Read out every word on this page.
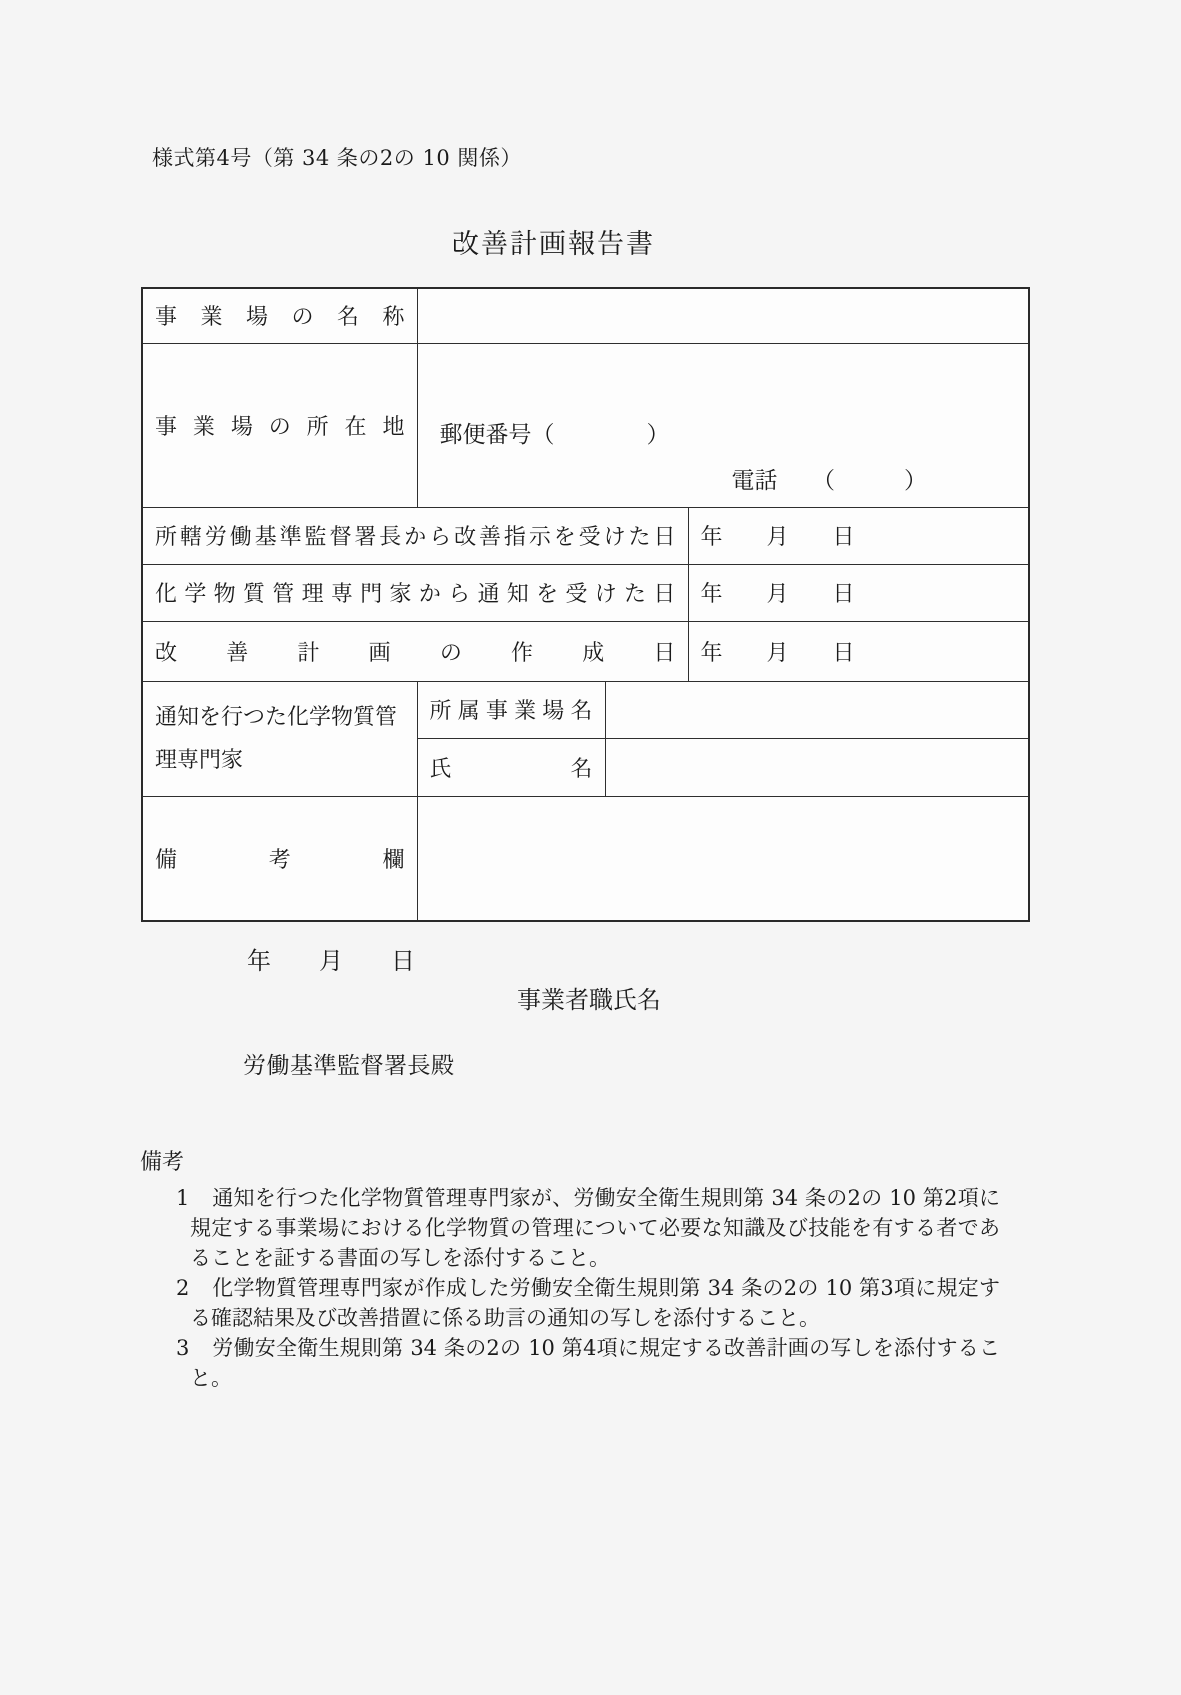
様式第4号（第 34 条の2の 10 関係）
改善計画報告書
事 業 場 の 名 称

事 業 場 の 所 在 地	郵便番号（　　　　）
電話　　（　　　）

所 轄 労 働 基 準 監 督 署 長 か ら 改 善 指 示 を 受 け た 日	年　　月　　日

化 学 物 質 管 理 専 門 家 か ら 通 知 を 受 け た 日	年　　月　　日

改 善 計 画 の 作 成 日	年　　月　　日
通知を行つた化学物質管理専門家	
所 属 事 業 場 名

	氏 名		

備 考 欄			

年　　月　　日
事業者職氏名
労働基準監督署長殿
備考
1 通知を行つた化学物質管理専門家が、労働安全衛生規則第 34 条の2の 10 第2項に規定する事業場における化学物質の管理について必要な知識及び技能を有する者であることを証する書面の写しを添付すること。
2 化学物質管理専門家が作成した労働安全衛生規則第 34 条の2の 10 第3項に規定する確認結果及び改善措置に係る助言の通知の写しを添付すること。
3 労働安全衛生規則第 34 条の2の 10 第4項に規定する改善計画の写しを添付すること。
